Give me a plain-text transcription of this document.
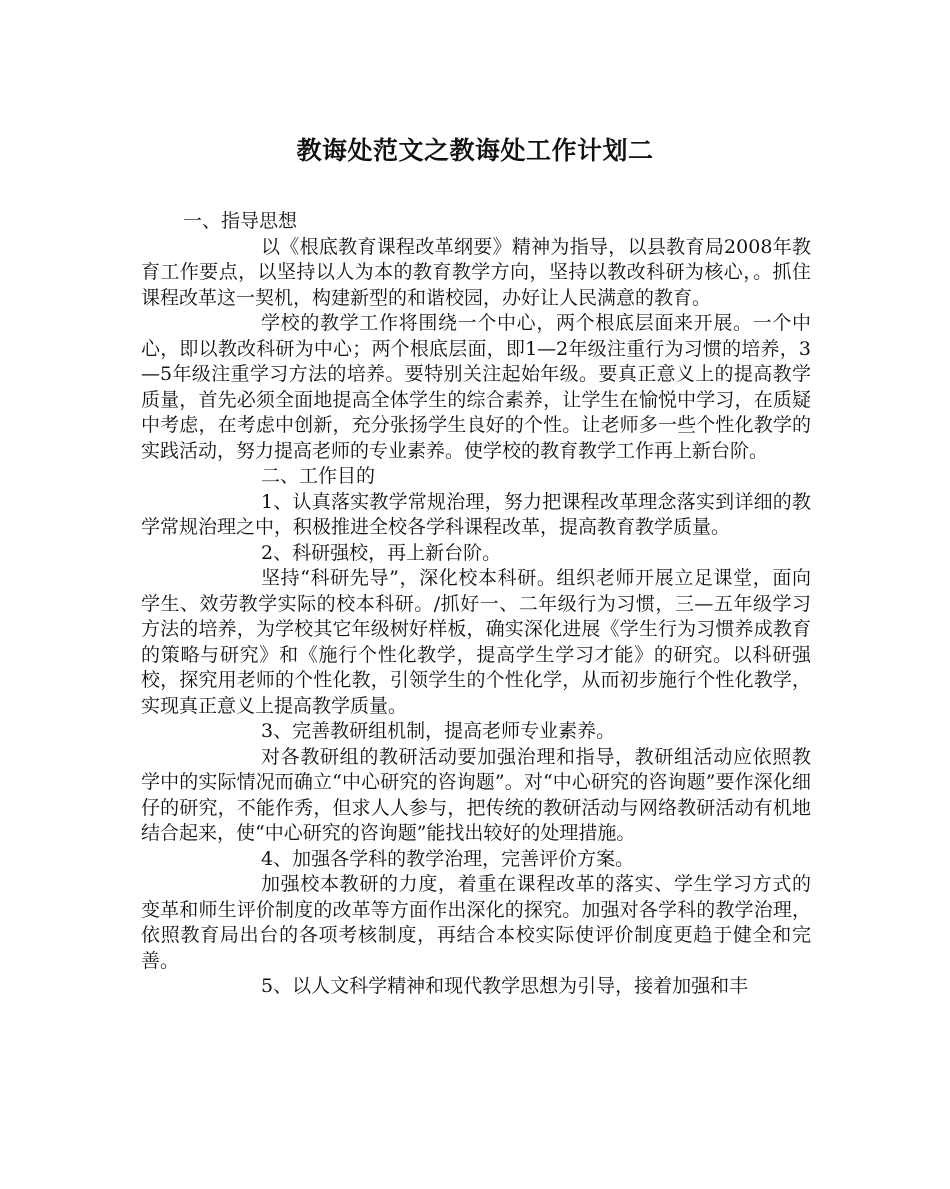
教诲处范文之教诲处工作计划二

一、指导思想

以《根底教育课程改革纲要》精神为指导，以县教育局2008年教育工作要点，以坚持以人为本的教育教学方向，坚持以教改科研为核心，。抓住课程改革这一契机，构建新型的和谐校园，办好让人民满意的教育。

学校的教学工作将围绕一个中心，两个根底层面来开展。一个中心，即以教改科研为中心；两个根底层面，即1—2年级注重行为习惯的培养，3—5年级注重学习方法的培养。要特别关注起始年级。要真正意义上的提高教学质量，首先必须全面地提高全体学生的综合素养，让学生在愉悦中学习，在质疑中考虑，在考虑中创新，充分张扬学生良好的个性。让老师多一些个性化教学的实践活动，努力提高老师的专业素养。使学校的教育教学工作再上新台阶。

二、工作目的

1、认真落实教学常规治理，努力把课程改革理念落实到详细的教学常规治理之中，积极推进全校各学科课程改革，提高教育教学质量。

2、科研强校，再上新台阶。

坚持“科研先导”，深化校本科研。组织老师开展立足课堂，面向学生、效劳教学实际的校本科研。/抓好一、二年级行为习惯，三—五年级学习方法的培养，为学校其它年级树好样板，确实深化进展《学生行为习惯养成教育的策略与研究》和《施行个性化教学，提高学生学习才能》的研究。以科研强校，探究用老师的个性化教，引领学生的个性化学，从而初步施行个性化教学，实现真正意义上提高教学质量。

3、完善教研组机制，提高老师专业素养。

对各教研组的教研活动要加强治理和指导，教研组活动应依照教学中的实际情况而确立“中心研究的咨询题”。对“中心研究的咨询题”要作深化细仔的研究，不能作秀，但求人人参与，把传统的教研活动与网络教研活动有机地结合起来，使“中心研究的咨询题”能找出较好的处理措施。

4、加强各学科的教学治理，完善评价方案。

加强校本教研的力度，着重在课程改革的落实、学生学习方式的变革和师生评价制度的改革等方面作出深化的探究。加强对各学科的教学治理，依照教育局出台的各项考核制度，再结合本校实际使评价制度更趋于健全和完善。

5、以人文科学精神和现代教学思想为引导，接着加强和丰
